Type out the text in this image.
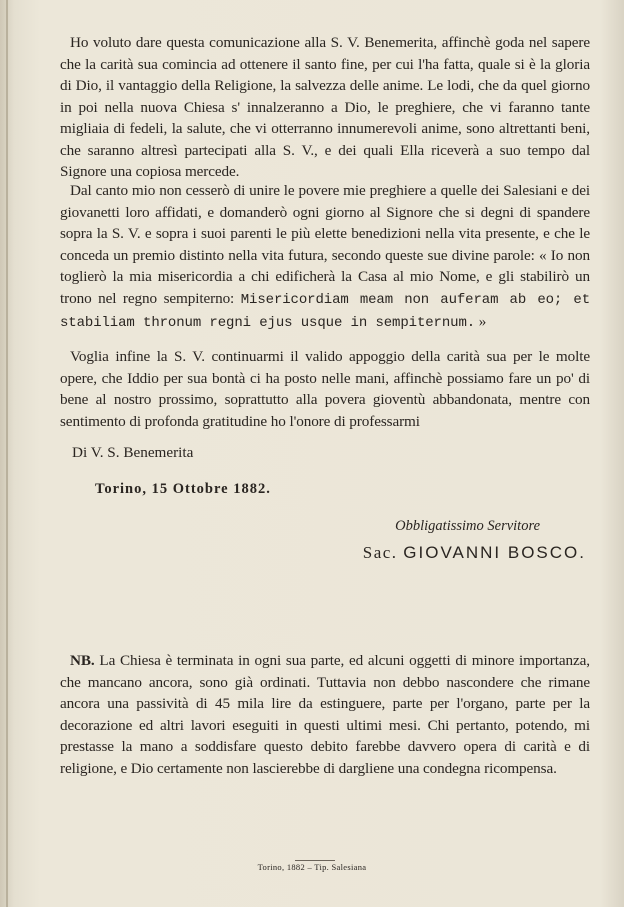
Ho voluto dare questa comunicazione alla S. V. Benemerita, affinchè goda nel sapere che la carità sua comincia ad ottenere il santo fine, per cui l'ha fatta, quale si è la gloria di Dio, il vantaggio della Religione, la salvezza delle anime. Le lodi, che da quel giorno in poi nella nuova Chiesa s' innalzeranno a Dio, le preghiere, che vi faranno tante migliaia di fedeli, la salute, che vi otterranno innumerevoli anime, sono altrettanti beni, che saranno altresì partecipati alla S. V., e dei quali Ella riceverà a suo tempo dal Signore una copiosa mercede.
Dal canto mio non cesserò di unire le povere mie preghiere a quelle dei Salesiani e dei giovanetti loro affidati, e domanderò ogni giorno al Signore che si degni di spandere sopra la S. V. e sopra i suoi parenti le più elette benedizioni nella vita presente, e che le conceda un premio distinto nella vita futura, secondo queste sue divine parole: « Io non toglierò la mia misericordia a chi edificherà la Casa al mio Nome, e gli stabilirò un trono nel regno sempiterno: Misericordiam meam non auferam ab eo; et stabiliam thronum regni ejus usque in sempiternum. »
Voglia infine la S. V. continuarmi il valido appoggio della carità sua per le molte opere, che Iddio per sua bontà ci ha posto nelle mani, affinchè possiamo fare un po' di bene al nostro prossimo, soprattutto alla povera gioventù abbandonata, mentre con sentimento di profonda gratitudine ho l'onore di professarmi
Di V. S. Benemerita
Torino, 15 Ottobre 1882.
Obbligatissimo Servitore
Sac. GIOVANNI BOSCO.
NB. La Chiesa è terminata in ogni sua parte, ed alcuni oggetti di minore importanza, che mancano ancora, sono già ordinati. Tuttavia non debbo nascondere che rimane ancora una passività di 45 mila lire da estinguere, parte per l'organo, parte per la decorazione ed altri lavori eseguiti in questi ultimi mesi. Chi pertanto, potendo, mi prestasse la mano a soddisfare questo debito farebbe davvero opera di carità e di religione, e Dio certamente non lascierebbe di dargliene una condegna ricompensa.
Torino, 1882 – Tip. Salesiana
